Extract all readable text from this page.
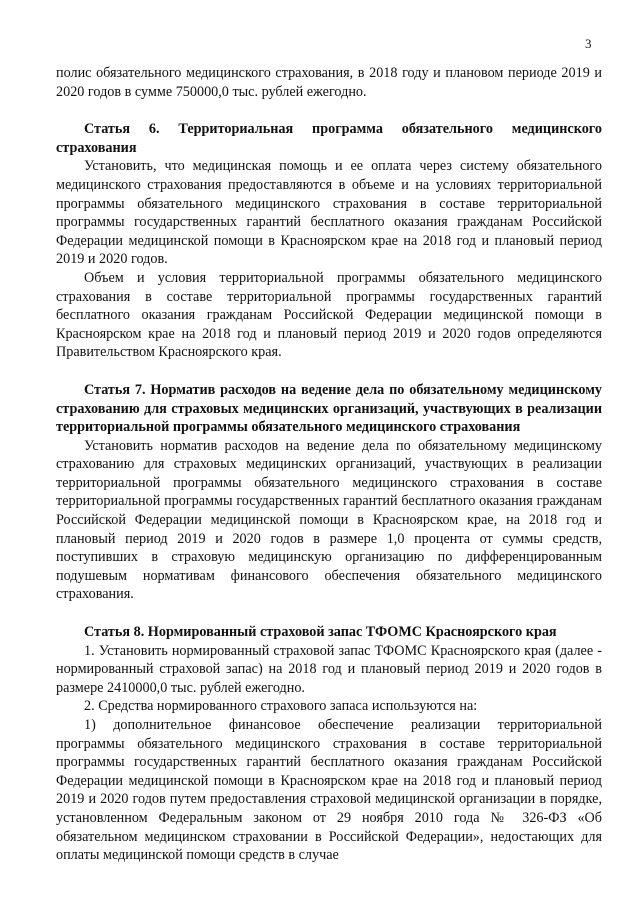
3

полис обязательного медицинского страхования, в 2018 году и плановом периоде 2019 и 2020 годов в сумме 750000,0 тыс. рублей ежегодно.

Статья 6. Территориальная программа обязательного медицинского страхования

Установить, что медицинская помощь и ее оплата через систему обязательного медицинского страхования предоставляются в объеме и на условиях территориальной программы обязательного медицинского страхования в составе территориальной программы государственных гарантий бесплатного оказания гражданам Российской Федерации медицинской помощи в Красноярском крае на 2018 год и плановый период 2019 и 2020 годов.

Объем и условия территориальной программы обязательного медицинского страхования в составе территориальной программы государственных гарантий бесплатного оказания гражданам Российской Федерации медицинской помощи в Красноярском крае на 2018 год и плановый период 2019 и 2020 годов определяются Правительством Красноярского края.

Статья 7. Норматив расходов на ведение дела по обязательному медицинскому страхованию для страховых медицинских организаций, участвующих в реализации территориальной программы обязательного медицинского страхования

Установить норматив расходов на ведение дела по обязательному медицинскому страхованию для страховых медицинских организаций, участвующих в реализации территориальной программы обязательного медицинского страхования в составе территориальной программы государственных гарантий бесплатного оказания гражданам Российской Федерации медицинской помощи в Красноярском крае, на 2018 год и плановый период 2019 и 2020 годов в размере 1,0 процента от суммы средств, поступивших в страховую медицинскую организацию по дифференцированным подушевым нормативам финансового обеспечения обязательного медицинского страхования.

Статья 8. Нормированный страховой запас ТФОМС Красноярского края

1. Установить нормированный страховой запас ТФОМС Красноярского края (далее - нормированный страховой запас) на 2018 год и плановый период 2019 и 2020 годов в размере 2410000,0 тыс. рублей ежегодно.

2. Средства нормированного страхового запаса используются на:

1) дополнительное финансовое обеспечение реализации территориальной программы обязательного медицинского страхования в составе территориальной программы государственных гарантий бесплатного оказания гражданам Российской Федерации медицинской помощи в Красноярском крае на 2018 год и плановый период 2019 и 2020 годов путем предоставления страховой медицинской организации в порядке, установленном Федеральным законом от 29 ноября 2010 года № 326-ФЗ «Об обязательном медицинском страховании в Российской Федерации», недостающих для оплаты медицинской помощи средств в случае
